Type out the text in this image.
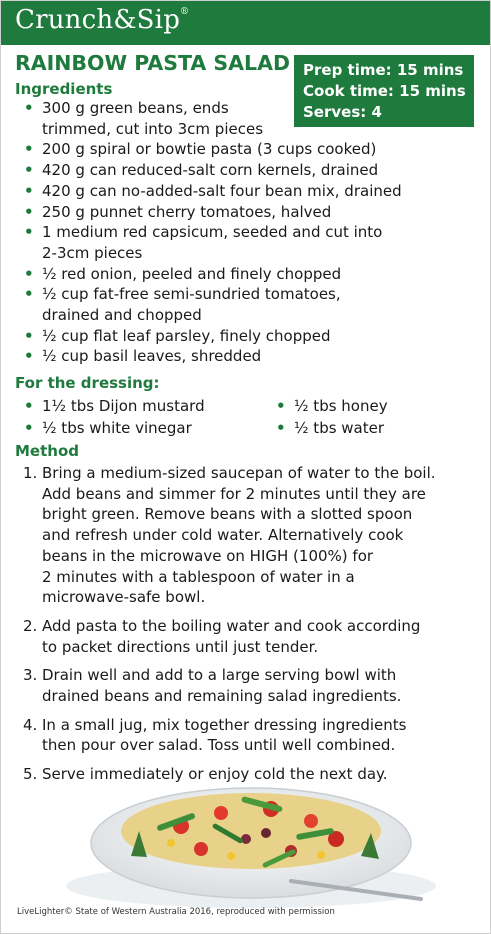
Crunch&Sip®
RAINBOW PASTA SALAD Prep time: 15 mins
Cook time: 15 mins
Serves: 4
Ingredients
• 300 g green beans, ends
trimmed, cut into 3cm pieces
• 200 g spiral or bowtie pasta (3 cups cooked)
• 420 g can reduced-salt corn kernels, drained
• 420 g can no-added-salt four bean mix, drained
• 250 g punnet cherry tomatoes, halved
• 1 medium red capsicum, seeded and cut into
2-3cm pieces
• ½ red onion, peeled and finely chopped
• ½ cup fat-free semi-sundried tomatoes,
drained and chopped
• ½ cup flat leaf parsley, finely chopped
• ½ cup basil leaves, shredded
For the dressing:
• 1½ tbs Dijon mustard	• ½ tbs honey
• ½ tbs white vinegar	• ½ tbs water
Method
1. Bring a medium-sized saucepan of water to the boil.
Add beans and simmer for 2 minutes until they are
bright green. Remove beans with a slotted spoon
and refresh under cold water. Alternatively cook
beans in the microwave on HIGH (100%) for
2 minutes with a tablespoon of water in a
microwave-safe bowl.
2. Add pasta to the boiling water and cook according
to packet directions until just tender.
3. Drain well and add to a large serving bowl with
drained beans and remaining salad ingredients.
4. In a small jug, mix together dressing ingredients
then pour over salad. Toss until well combined.
5. Serve immediately or enjoy cold the next day.
LiveLighter© State of Western Australia 2016, reproduced with permission
